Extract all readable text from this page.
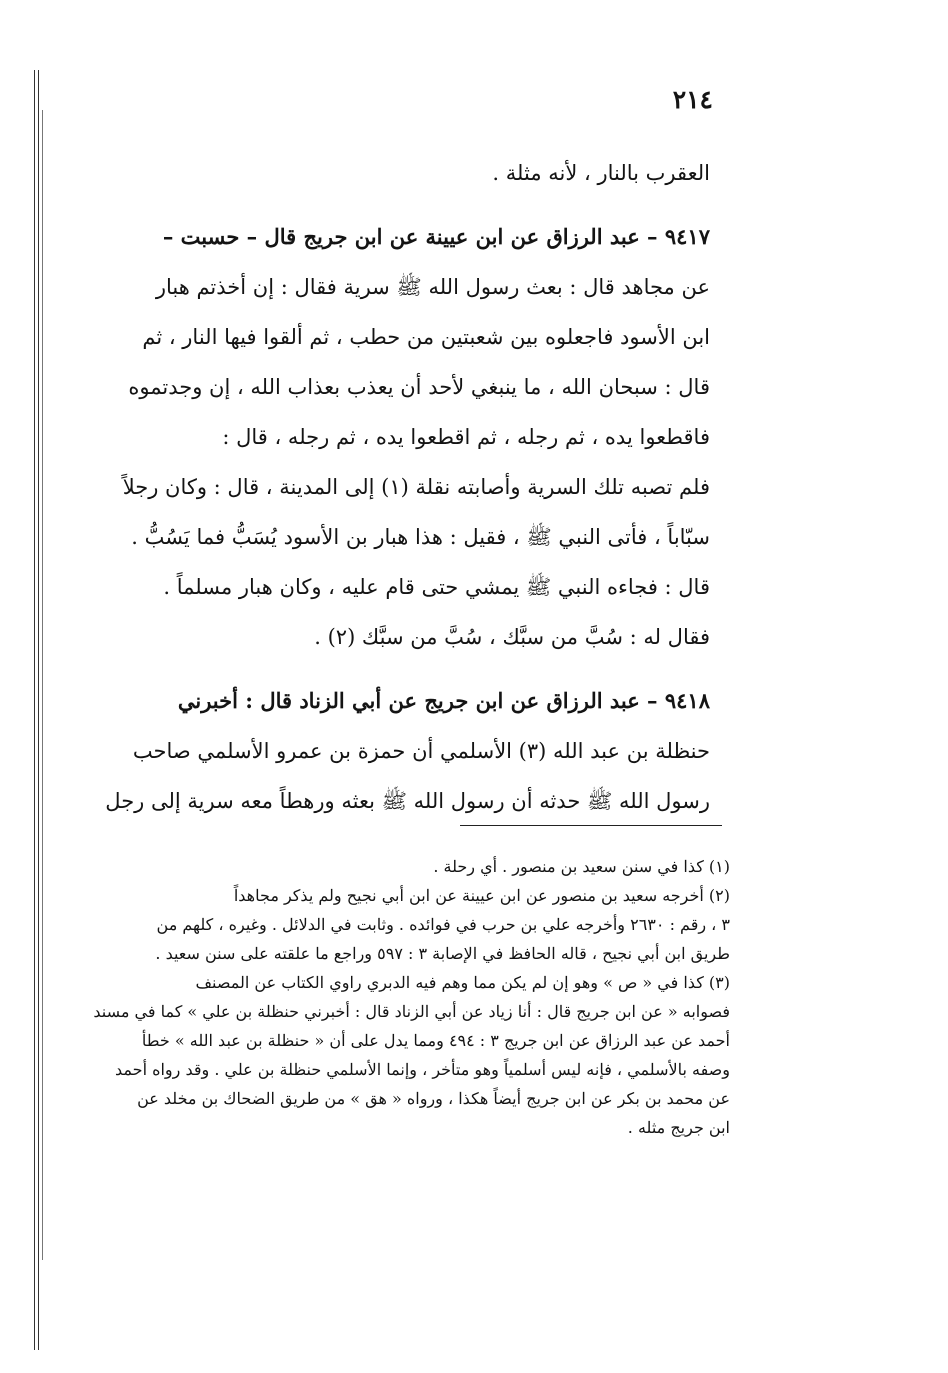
٢١٤
العقرب بالنار ، لأنه مثلة .
٩٤١٧ – عبد الرزاق عن ابن عيينة عن ابن جريج قال – حسبت –
عن مجاهد قال : بعث رسول الله ﷺ سرية فقال : إن أخذتم هبار
ابن الأسود فاجعلوه بين شعبتين من حطب ، ثم ألقوا فيها النار ، ثم
قال : سبحان الله ، ما ينبغي لأحد أن يعذب بعذاب الله ، إن وجدتموه
فاقطعوا يده ، ثم رجله ، ثم اقطعوا يده ، ثم رجله ، قال :
فلم تصبه تلك السرية وأصابته نقلة (١) إلى المدينة ، قال : وكان رجلاً
سبّاباً ، فأتى النبي ﷺ ، فقيل : هذا هبار بن الأسود يُسَبُّ فما يَسُبُّ .
قال : فجاءه النبي ﷺ يمشي حتى قام عليه ، وكان هبار مسلماً .
فقال له : سُبَّ من سبَّك ، سُبَّ من سبَّك (٢) .
٩٤١٨ – عبد الرزاق عن ابن جريج عن أبي الزناد قال : أخبرني
حنظلة بن عبد الله (٣) الأسلمي أن حمزة بن عمرو الأسلمي صاحب
رسول الله ﷺ حدثه أن رسول الله ﷺ بعثه ورهطاً معه سرية إلى رجل
(١) كذا في سنن سعيد بن منصور . أي رحلة .
(٢) أخرجه سعيد بن منصور عن ابن عيينة عن ابن أبي نجيح ولم يذكر مجاهداً
٣ ، رقم : ٢٦٣٠ وأخرجه علي بن حرب في فوائده . وثابت في الدلائل . وغيره ، كلهم من
طريق ابن أبي نجيح ، قاله الحافظ في الإصابة ٣ : ٥٩٧ وراجع ما علقته على سنن سعيد .
(٣) كذا في « ص » وهو إن لم يكن مما وهم فيه الدبري راوي الكتاب عن المصنف
فصوابه « عن ابن جريج قال : أنا زياد عن أبي الزناد قال : أخبرني حنظلة بن علي » كما في مسند
أحمد عن عبد الرزاق عن ابن جريج ٣ : ٤٩٤ ومما يدل على أن « حنظلة بن عبد الله » خطأ
وصفه بالأسلمي ، فإنه ليس أسلمياً وهو متأخر ، وإنما الأسلمي حنظلة بن علي . وقد رواه أحمد
عن محمد بن بكر عن ابن جريج أيضاً هكذا ، ورواه « هق » من طريق الضحاك بن مخلد عن
ابن جريج مثله .
